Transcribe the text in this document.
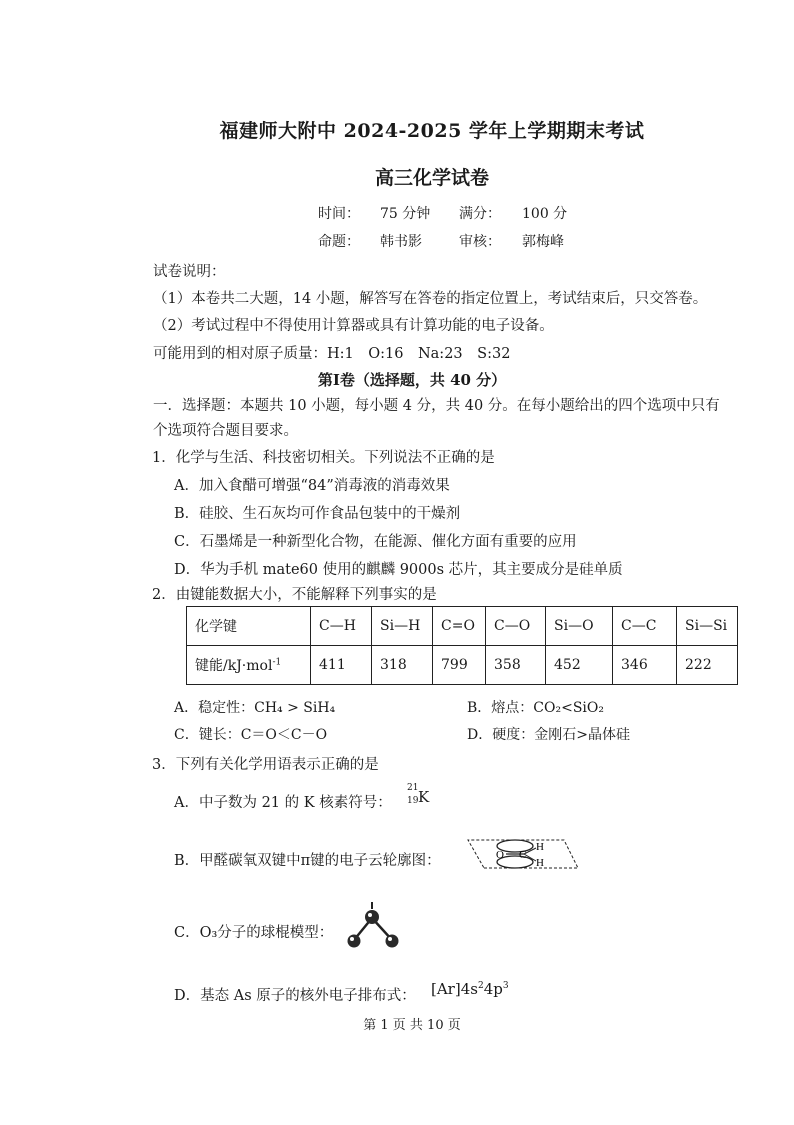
福建师大附中 2024-2025 学年上学期期末考试
高三化学试卷
时间： 75 分钟 满分： 100 分
命题： 韩书影	审核： 郭梅峰
试卷说明：
（1）本卷共二大题，14 小题，解答写在答卷的指定位置上，考试结束后，只交答卷。
（2）考试过程中不得使用计算器或具有计算功能的电子设备。
可能用到的相对原子质量：H:1　O:16　Na:23　S:32
第Ⅰ卷（选择题，共 40 分）
一．选择题：本题共 10 小题，每小题 4 分，共 40 分。在每小题给出的四个选项中只有
个选项符合题目要求。
1．化学与生活、科技密切相关。下列说法不正确的是
A．加入食醋可增强“84”消毒液的消毒效果
B．硅胶、生石灰均可作食品包装中的干燥剂
C．石墨烯是一种新型化合物，在能源、催化方面有重要的应用
D．华为手机 mate60 使用的麒麟 9000s 芯片，其主要成分是硅单质
2．由键能数据大小，不能解释下列事实的是
化学键	C—H	Si—H	C=O	C—O	Si—O	C—C	Si—Si
键能/kJ·mol$^{-1}$	411	318	799	358	452	346	222
A．稳定性：CH₄ > SiH₄	B．熔点：CO₂<SiO₂
C．键长：C＝O＜C－O	D．硬度：金刚石>晶体硅
3．下列有关化学用语表示正确的是
A．中子数为 21 的 K 核素符号：
21
19 K
B．甲醛碳氧双键中π键的电子云轮廓图：	O C
H
H
C．O₃分子的球棍模型：
D．基态 As 原子的核外电子排布式： $[Ar]4s^24p^3$
第 1 页 共 10 页
